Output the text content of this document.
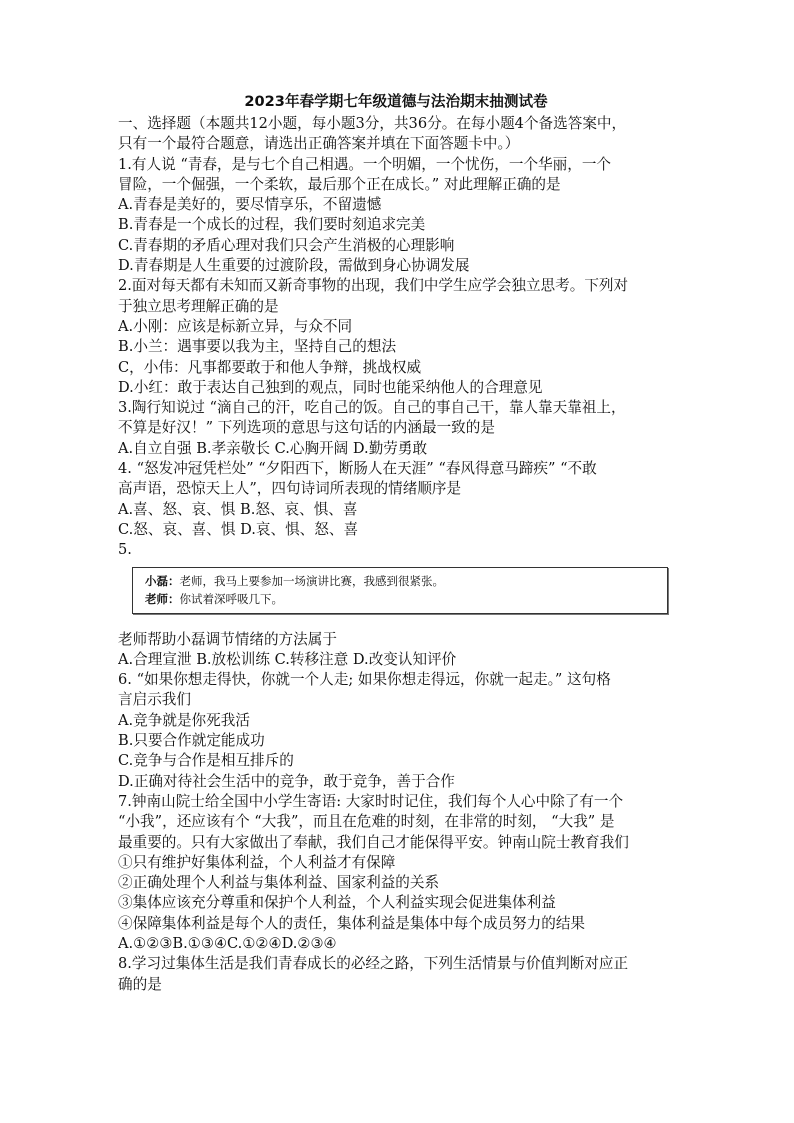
2023年春学期七年级道德与法治期末抽测试卷
一、选择题（本题共12小题，每小题3分，共36分。在每小题4个备选答案中，
只有一个最符合题意，请选出正确答案并填在下面答题卡中。）
1.有人说 “青春，是与七个自己相遇。一个明媚，一个忧伤，一个华丽，一个
冒险，一个倔强，一个柔软，最后那个正在成长。” 对此理解正确的是
A.青春是美好的，要尽情享乐，不留遗憾
B.青春是一个成长的过程，我们要时刻追求完美
C.青春期的矛盾心理对我们只会产生消极的心理影响
D.青春期是人生重要的过渡阶段，需做到身心协调发展
2.面对每天都有未知而又新奇事物的出现，我们中学生应学会独立思考。下列对
于独立思考理解正确的是
A.小刚：应该是标新立异，与众不同
B.小兰：遇事要以我为主，坚持自己的想法
C，小伟：凡事都要敢于和他人争辩，挑战权威
D.小红：敢于表达自己独到的观点，同时也能采纳他人的合理意见
3.陶行知说过 “滴自己的汗，吃自己的饭。自己的事自己干，靠人靠天靠祖上，
不算是好汉！” 下列选项的意思与这句话的内涵最一致的是
A.自立自强 B.孝亲敬长 C.心胸开阔 D.勤劳勇敢
4. “怒发冲冠凭栏处” “夕阳西下，断肠人在天涯” “春风得意马蹄疾” “不敢
高声语，恐惊天上人”，四句诗词所表现的情绪顺序是
A.喜、怒、哀、惧 B.怒、哀、惧、喜
C.怒、哀、喜、惧 D.哀、惧、怒、喜
5.
小磊：老师，我马上要参加一场演讲比赛，我感到很紧张。
老师：你试着深呼吸几下。
老师帮助小磊调节情绪的方法属于
A.合理宣泄 B.放松训练 C.转移注意 D.改变认知评价
6. “如果你想走得快，你就一个人走; 如果你想走得远，你就一起走。” 这句格
言启示我们
A.竞争就是你死我活
B.只要合作就定能成功
C.竞争与合作是相互排斥的
D.正确对待社会生活中的竞争，敢于竞争，善于合作
7.钟南山院士给全国中小学生寄语: 大家时时记住，我们每个人心中除了有一个
“小我”，还应该有个 “大我”，而且在危难的时刻，在非常的时刻， “大我” 是
最重要的。只有大家做出了奉献，我们自己才能保得平安。钟南山院士教育我们
①只有维护好集体利益，个人利益才有保障
②正确处理个人利益与集体利益、国家利益的关系
③集体应该充分尊重和保护个人利益，个人利益实现会促进集体利益
④保障集体利益是每个人的责任，集体利益是集体中每个成员努力的结果
A.①②③B.①③④C.①②④D.②③④
8.学习过集体生活是我们青春成长的必经之路，下列生活情景与价值判断对应正
确的是
